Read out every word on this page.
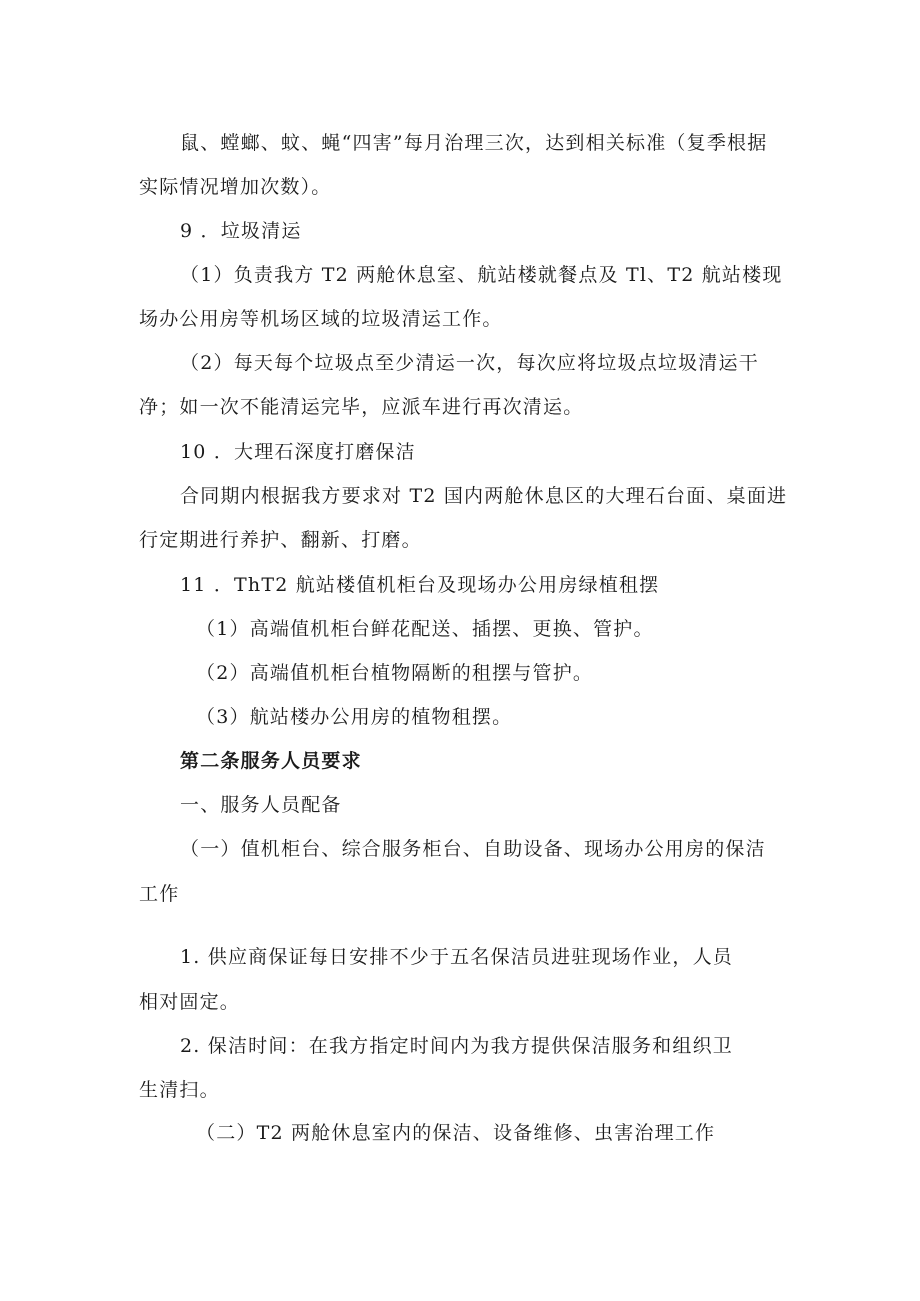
鼠、螳螂、蚊、蝇“四害”每月治理三次，达到相关标准（复季根据
实际情况增加次数）。
9 ．垃圾清运
（1）负责我方 T2 两舱休息室、航站楼就餐点及 Tl、T2 航站楼现
场办公用房等机场区域的垃圾清运工作。
（2）每天每个垃圾点至少清运一次，每次应将垃圾点垃圾清运干
净；如一次不能清运完毕，应派车进行再次清运。
10 ．大理石深度打磨保洁
合同期内根据我方要求对 T2 国内两舱休息区的大理石台面、桌面进
行定期进行养护、翻新、打磨。
11 ．ThT2 航站楼值机柜台及现场办公用房绿植租摆
（1）高端值机柜台鲜花配送、插摆、更换、管护。
（2）高端值机柜台植物隔断的租摆与管护。
（3）航站楼办公用房的植物租摆。
第二条服务人员要求
一、服务人员配备
（一）值机柜台、综合服务柜台、自助设备、现场办公用房的保洁
工作
1. 供应商保证每日安排不少于五名保洁员进驻现场作业，人员
相对固定。
2. 保洁时间：在我方指定时间内为我方提供保洁服务和组织卫
生清扫。
（二）T2 两舱休息室内的保洁、设备维修、虫害治理工作
